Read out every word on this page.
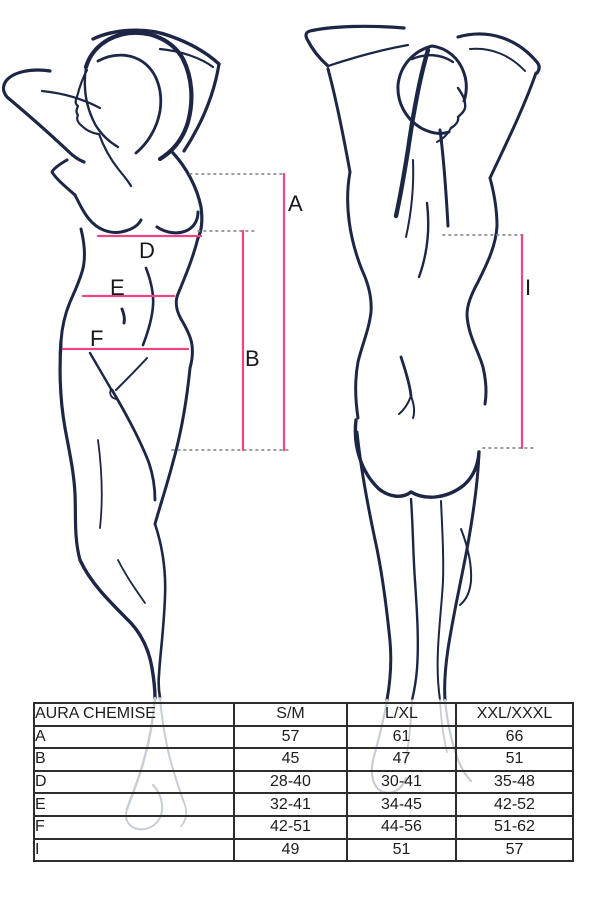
A
B
D
E
F
I
AURA CHEMISE	S/M	L/XL	XXL/XXXL
A	57	61	66
B	45	47	51
D	28-40	30-41	35-48
E	32-41	34-45	42-52
F	42-51	44-56	51-62
I	49	51	57
